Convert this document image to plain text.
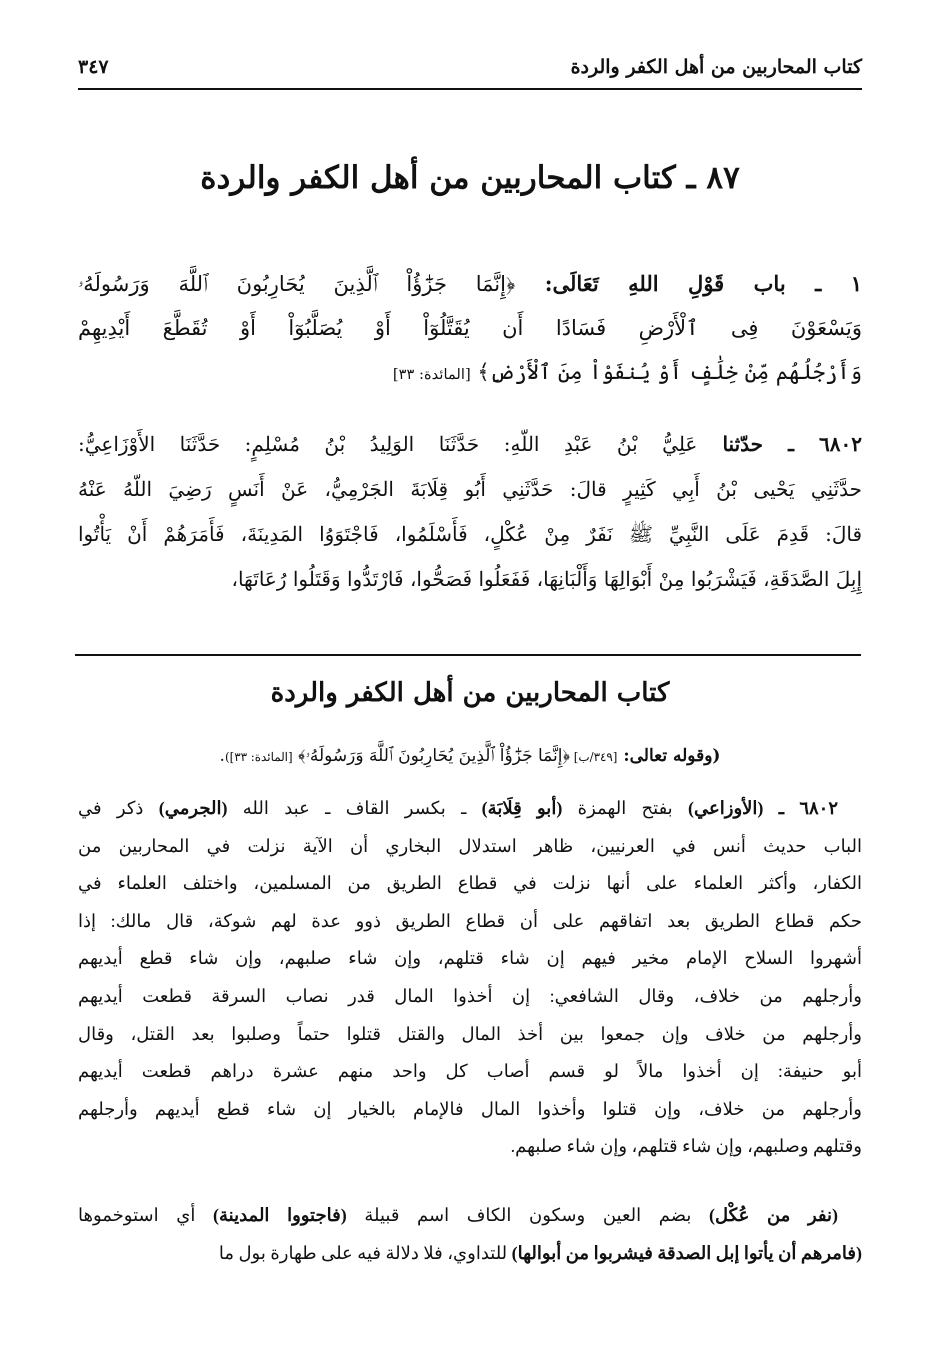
كتاب المحاربين من أهل الكفر والردة
٣٤٧
٨٧ ـ كتاب المحاربين من أهل الكفر والردة
١ ـ باب قَوْلِ اللهِ تَعَالَى: ﴿إِنَّمَا جَزَٰٓؤُاْ ٱلَّذِينَ يُحَارِبُونَ ٱللَّهَ وَرَسُولَهُۥ
وَيَسْعَوْنَ فِى ٱلْأَرْضِ فَسَادًا أَن يُقَتَّلُوٓاْ أَوْ يُصَلَّبُوٓاْ أَوْ تُقَطَّعَ أَيْدِيهِمْ
وَأَرْجُلُهُم مِّنْ خِلَٰفٍ أَوْ يُنفَوْاْ مِنَ ٱلْأَرْضِ﴾ [المائدة: ٣٣]
٦٨٠٢ ـ حدّثنا عَلِيُّ بْنُ عَبْدِ اللّهِ: حَدَّثَنَا الوَلِيدُ بْنُ مُسْلِمٍ: حَدَّثَنَا الأَوْزَاعِيُّ:
حدَّثَنِي يَحْيى بْنُ أَبِي كَثِيرٍ قالَ: حَدَّثَنِي أَبُو قِلَابَةَ الجَرْمِيُّ، عَنْ أَنَسٍ رَضِيَ اللّهُ عَنْهُ
قالَ: قَدِمَ عَلَى النَّبِيِّ ﷺ نَفَرٌ مِنْ عُكْلٍ، فَأَسْلَمُوا، فَاجْتَوَوُا المَدِينَةَ، فَأَمَرَهُمْ أَنْ يَأْتُوا
إِبِلَ الصَّدَقَةِ، فَيَشْرَبُوا مِنْ أَبْوَالِهَا وَأَلْبَانِهَا، فَفَعَلُوا فَصَحُّوا، فَارْتَدُّوا وَقَتَلُوا رُعَاتَهَا،
كتاب المحاربين من أهل الكفر والردة
(وقوله تعالى: [٣٤٩/ب] ﴿إِنَّمَا جَزَٰٓؤُاْ ٱلَّذِينَ يُحَارِبُونَ ٱللَّهَ وَرَسُولَهُۥ﴾ [المائدة: ٣٣]).
٦٨٠٢ ـ (الأوزاعي) بفتح الهمزة (أبو قِلَابَة) ـ بكسر القاف ـ عبد الله (الجرمي) ذكر في
الباب حديث أنس في العرنيين، ظاهر استدلال البخاري أن الآية نزلت في المحاربين من
الكفار، وأكثر العلماء على أنها نزلت في قطاع الطريق من المسلمين، واختلف العلماء في
حكم قطاع الطريق بعد اتفاقهم على أن قطاع الطريق ذوو عدة لهم شوكة، قال مالك: إذا
أشهروا السلاح الإمام مخير فيهم إن شاء قتلهم، وإن شاء صلبهم، وإن شاء قطع أيديهم
وأرجلهم من خلاف، وقال الشافعي: إن أخذوا المال قدر نصاب السرقة قطعت أيديهم
وأرجلهم من خلاف وإن جمعوا بين أخذ المال والقتل قتلوا حتماً وصلبوا بعد القتل، وقال
أبو حنيفة: إن أخذوا مالاً لو قسم أصاب كل واحد منهم عشرة دراهم قطعت أيديهم
وأرجلهم من خلاف، وإن قتلوا وأخذوا المال فالإمام بالخيار إن شاء قطع أيديهم وأرجلهم
وقتلهم وصلبهم، وإن شاء قتلهم، وإن شاء صلبهم.
(نفر من عُكْل) بضم العين وسكون الكاف اسم قبيلة (فاجتووا المدينة) أي استوخموها
(فامرهم أن يأتوا إبل الصدقة فيشربوا من أبوالها) للتداوي، فلا دلالة فيه على طهارة بول ما
